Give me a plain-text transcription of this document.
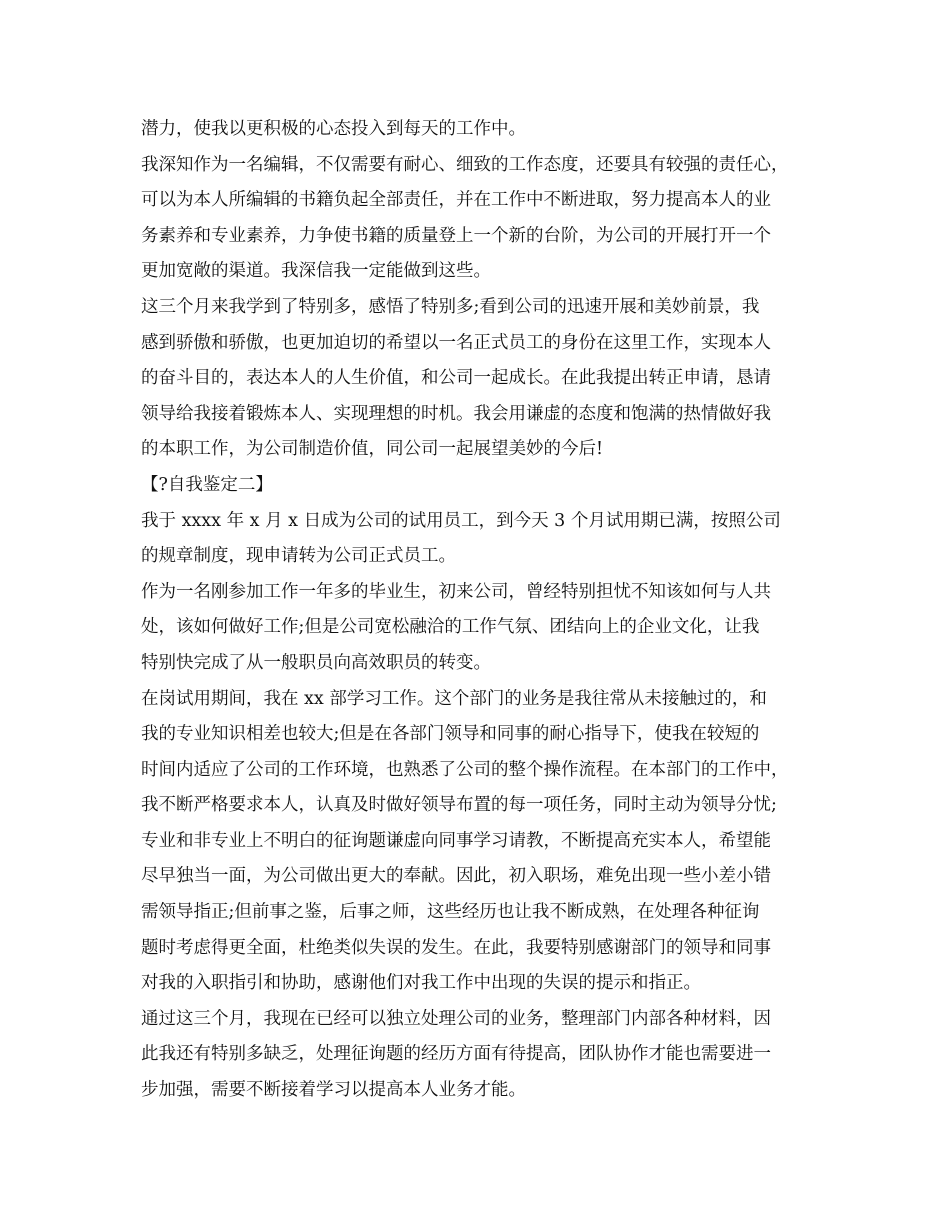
潜力，使我以更积极的心态投入到每天的工作中。
我深知作为一名编辑，不仅需要有耐心、细致的工作态度，还要具有较强的责任心，
可以为本人所编辑的书籍负起全部责任，并在工作中不断进取，努力提高本人的业
务素养和专业素养，力争使书籍的质量登上一个新的台阶，为公司的开展打开一个
更加宽敞的渠道。我深信我一定能做到这些。
这三个月来我学到了特别多，感悟了特别多;看到公司的迅速开展和美妙前景，我
感到骄傲和骄傲，也更加迫切的希望以一名正式员工的身份在这里工作，实现本人
的奋斗目的，表达本人的人生价值，和公司一起成长。在此我提出转正申请，恳请
领导给我接着锻炼本人、实现理想的时机。我会用谦虚的态度和饱满的热情做好我
的本职工作，为公司制造价值，同公司一起展望美妙的今后!
【?自我鉴定二】
我于 xxxx 年 x 月 x 日成为公司的试用员工，到今天 3 个月试用期已满，按照公司
的规章制度，现申请转为公司正式员工。
作为一名刚参加工作一年多的毕业生，初来公司，曾经特别担忧不知该如何与人共
处，该如何做好工作;但是公司宽松融洽的工作气氛、团结向上的企业文化，让我
特别快完成了从一般职员向高效职员的转变。
在岗试用期间，我在 xx 部学习工作。这个部门的业务是我往常从未接触过的，和
我的专业知识相差也较大;但是在各部门领导和同事的耐心指导下，使我在较短的
时间内适应了公司的工作环境，也熟悉了公司的整个操作流程。在本部门的工作中，
我不断严格要求本人，认真及时做好领导布置的每一项任务，同时主动为领导分忧;
专业和非专业上不明白的征询题谦虚向同事学习请教，不断提高充实本人，希望能
尽早独当一面，为公司做出更大的奉献。因此，初入职场，难免出现一些小差小错
需领导指正;但前事之鉴，后事之师，这些经历也让我不断成熟，在处理各种征询
题时考虑得更全面，杜绝类似失误的发生。在此，我要特别感谢部门的领导和同事
对我的入职指引和协助，感谢他们对我工作中出现的失误的提示和指正。
通过这三个月，我现在已经可以独立处理公司的业务，整理部门内部各种材料，因
此我还有特别多缺乏，处理征询题的经历方面有待提高，团队协作才能也需要进一
步加强，需要不断接着学习以提高本人业务才能。
